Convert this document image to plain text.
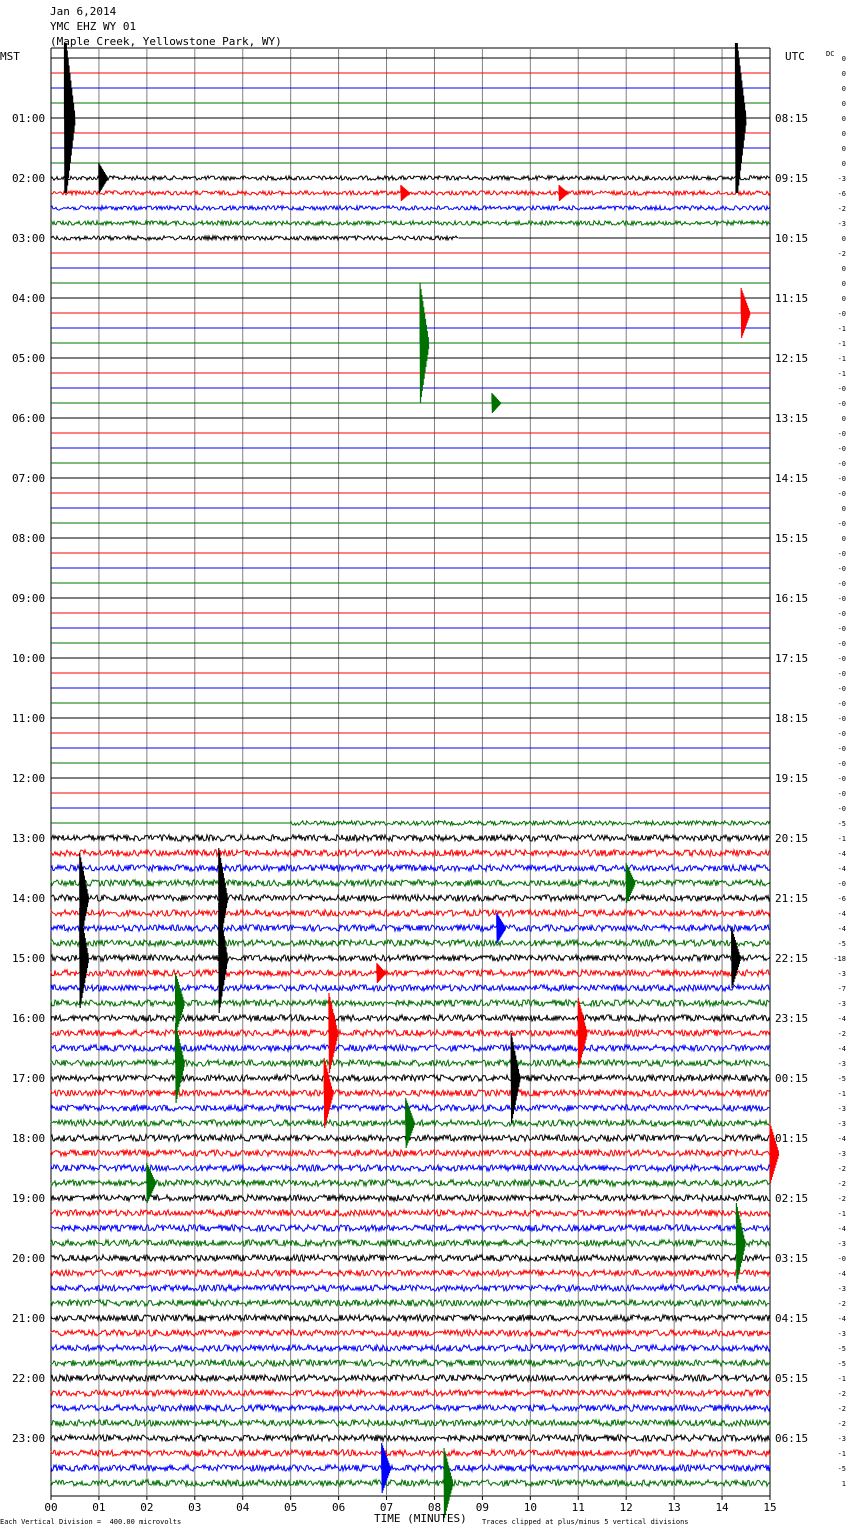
Jan 6,2014
YMC EHZ WY 01
(Maple Creek, Yellowstone Park, WY)
MST	UTC	DC
01:00
02:00
03:00
04:00
05:00
06:00
07:00
08:00
09:00
10:00
11:00
12:00
13:00
14:00
15:00
16:00
17:00
18:00
19:00
20:00
21:00
22:00
23:00
08:15
09:15
10:15
11:15
12:15
13:15
14:15
15:15
16:15
17:15
18:15
19:15
20:15
21:15
22:15
23:15
00:15
01:15
02:15
03:15
04:15
05:15
06:15
0
0
0
0
0
0
0
0
-3
-6
-2
-3
0
-2
0
0
0
-0
-1
-1
-1
-1
-0
-0
0
-0
-0
-0
-0
-0
0
-0
0
-0
-0
-0
-0
-0
-0
-0
-0
-0
-0
-0
-0
-0
-0
-0
-0
-0
-0
-5
-1
-4
-4
-0
-6
-4
-4
-5
-18
-3
-7
-3
-4
-2
-4
-3
-5
-1
-3
-3
-4
-3
-2
-2
-2
-1
-4
-3
-0
-4
-3
-2
-4
-3
-5
-5
-1
-2
-2
-2
-3
-1
-5
1
00	01	02	03	04	05	06	07	08	09	10	11	12	13	14	15
TIME (MINUTES)
Each Vertical Division =  400.00 microvolts	Traces clipped at plus/minus 5 vertical divisions
